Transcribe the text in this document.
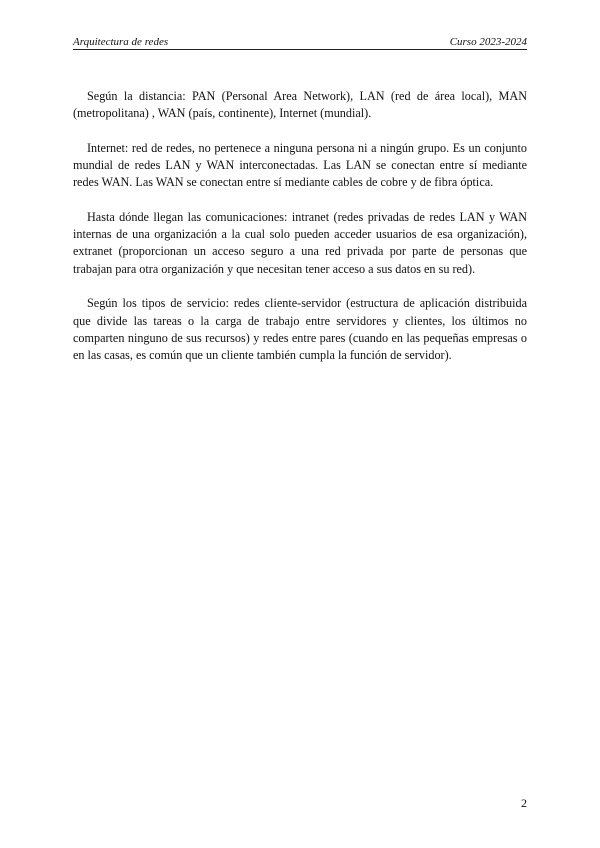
Arquitectura de redes	Curso 2023-2024

Según la distancia: PAN (Personal Area Network), LAN (red de área local), MAN (metropolitana) , WAN (país, continente), Internet (mundial).

Internet: red de redes, no pertenece a ninguna persona ni a ningún grupo. Es un conjunto mundial de redes LAN y WAN interconectadas. Las LAN se conectan entre sí mediante redes WAN. Las WAN se conectan entre sí mediante cables de cobre y de fibra óptica.

Hasta dónde llegan las comunicaciones: intranet (redes privadas de redes LAN y WAN internas de una organización a la cual solo pueden acceder usuarios de esa organización), extranet (proporcionan un acceso seguro a una red privada por parte de personas que trabajan para otra organización y que necesitan tener acceso a sus datos en su red).

Según los tipos de servicio: redes cliente-servidor (estructura de aplicación distribuida que divide las tareas o la carga de trabajo entre servidores y clientes, los últimos no comparten ninguno de sus recursos) y redes entre pares (cuando en las pequeñas empresas o en las casas, es común que un cliente también cumpla la función de servidor).

2
